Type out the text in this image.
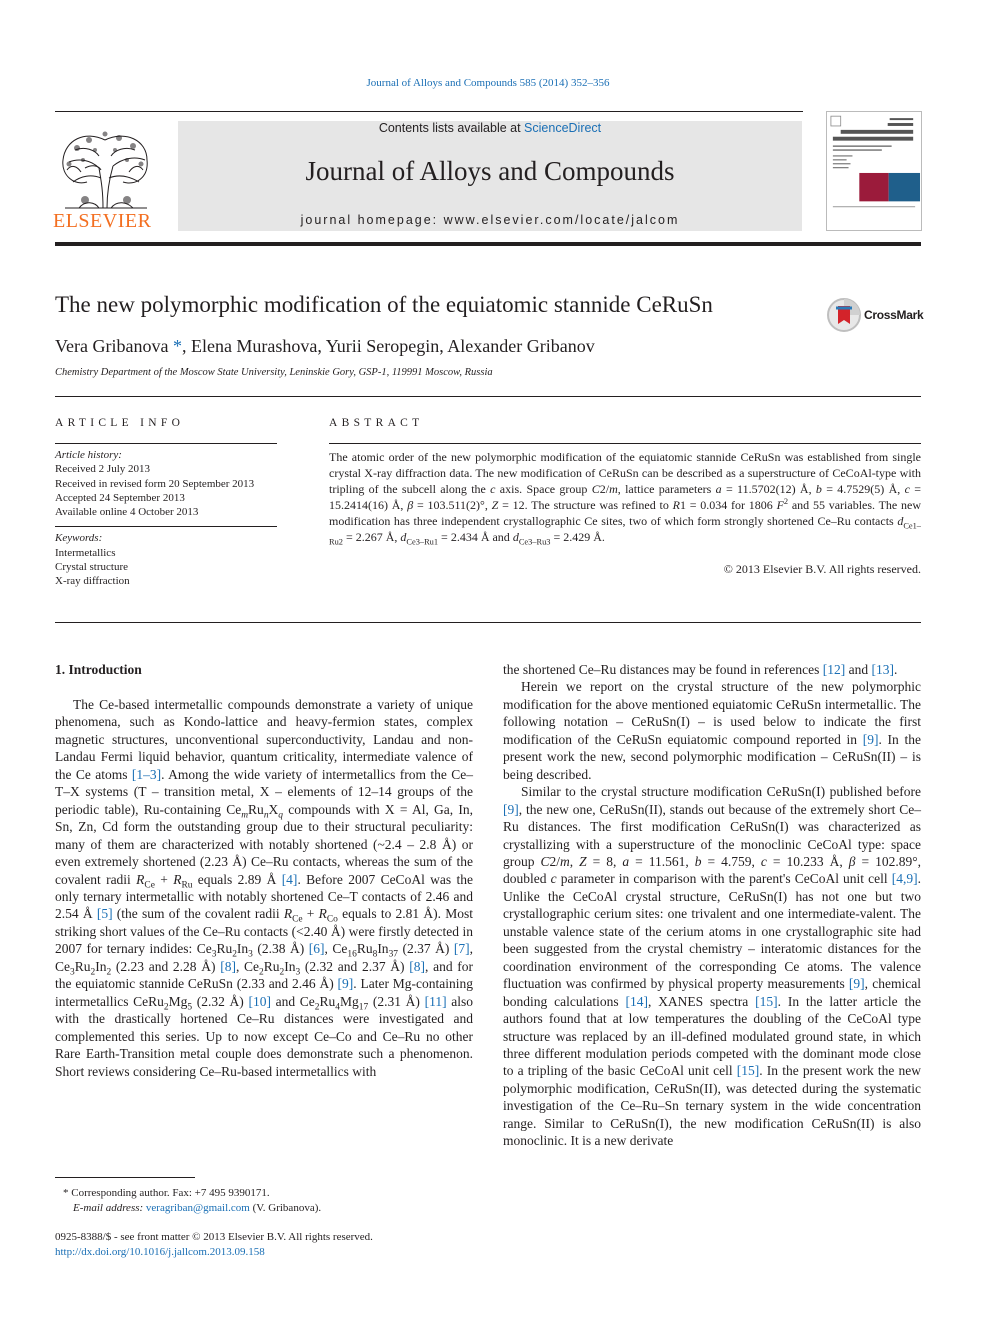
Journal of Alloys and Compounds 585 (2014) 352–356
ELSEVIER
Contents lists available at ScienceDirect
Journal of Alloys and Compounds
journal homepage: www.elsevier.com/locate/jalcom
The new polymorphic modification of the equiatomic stannide CeRuSn	CrossMark
Vera Gribanova *, Elena Murashova, Yurii Seropegin, Alexander Gribanov
Chemistry Department of the Moscow State University, Leninskie Gory, GSP-1, 119991 Moscow, Russia
ARTICLE INFO	ABSTRACT
Article history:
Received 2 July 2013
Received in revised form 20 September 2013
Accepted 24 September 2013
Available online 4 October 2013
Keywords:
Intermetallics
Crystal structure
X-ray diffraction
The atomic order of the new polymorphic modification of the equiatomic stannide CeRuSn was established from single crystal X-ray diffraction data. The new modification of CeRuSn can be described as a superstructure of CeCoAl-type with tripling of the subcell along the c axis. Space group C2/m, lattice parameters a = 11.5702(12) Å, b = 4.7529(5) Å, c = 15.2414(16) Å, β = 103.511(2)°, Z = 12. The structure was refined to R1 = 0.034 for 1806 $F^2$ and 55 variables. The new modification has three independent crystallographic Ce sites, two of which form strongly shortened Ce–Ru contacts $d_{Ce1-Ru2} = 2.267$ Å, $d_{Ce3-Ru1} = 2.434$ Å and $d_{Ce3-Ru3} = 2.429$ Å.
© 2013 Elsevier B.V. All rights reserved.
1. Introduction

The Ce-based intermetallic compounds demonstrate a variety of unique phenomena, such as Kondo-lattice and heavy-fermion states, complex magnetic structures, unconventional superconductivity, Landau and non-Landau Fermi liquid behavior, quantum criticality, intermediate valence of the Ce atoms [1–3]. Among the wide variety of intermetallics from the Ce–T–X systems (T – transition metal, X – elements of 12–14 groups of the periodic table), Ru-containing $Ce_mRu_nX_q$ compounds with X = Al, Ga, In, Sn, Zn, Cd form the outstanding group due to their structural peculiarity: many of them are characterized with notably shortened (~2.4 – 2.8 Å) or even extremely shortened (2.23 Å) Ce–Ru contacts, whereas the sum of the covalent radii $R_{Ce} + R_{Ru}$ equals 2.89 Å [4]. Before 2007 CeCoAl was the only ternary intermetallic with notably shortened Ce–T contacts of 2.46 and 2.54 Å [5] (the sum of the covalent radii $R_{Ce} + R_{Co}$ equals to 2.81 Å). Most striking short values of the Ce–Ru contacts (<2.40 Å) were firstly detected in 2007 for ternary indides: $Ce_3Ru_2In_3$ (2.38 Å) [6], $Ce_{16}Ru_8In_{37}$ (2.37 Å) [7], $Ce_3Ru_2In_2$ (2.23 and 2.28 Å) [8], $Ce_2Ru_2In_3$ (2.32 and 2.37 Å) [8], and for the equiatomic stannide CeRuSn (2.33 and 2.46 Å) [9]. Later Mg-containing intermetallics $CeRu_2Mg_5$ (2.32 Å) [10] and $Ce_2Ru_4Mg_{17}$ (2.31 Å) [11] also with the drastically hortened Ce–Ru distances were investigated and complemented this series. Up to now except Ce–Co and Ce–Ru no other Rare Earth-Transition metal couple does demonstrate such a phenomenon. Short reviews considering Ce–Ru-based intermetallics with

the shortened Ce–Ru distances may be found in references [12] and [13].

Herein we report on the crystal structure of the new polymorphic modification for the above mentioned equiatomic CeRuSn intermetallic. The following notation – CeRuSn(I) – is used below to indicate the first modification of the CeRuSn equiatomic compound reported in [9]. In the present work the new, second polymorphic modification – CeRuSn(II) – is being described.

Similar to the crystal structure modification CeRuSn(I) published before [9], the new one, CeRuSn(II), stands out because of the extremely short Ce–Ru distances. The first modification CeRuSn(I) was characterized as crystallizing with a superstructure of the monoclinic CeCoAl type: space group C2/m, Z = 8, a = 11.561, b = 4.759, c = 10.233 Å, β = 102.89°, doubled c parameter in comparison with the parent's CeCoAl unit cell [4,9]. Unlike the CeCoAl crystal structure, CeRuSn(I) has not one but two crystallographic cerium sites: one trivalent and one intermediate-valent. The unstable valence state of the cerium atoms in one crystallographic site had been suggested from the crystal chemistry – interatomic distances for the coordination environment of the corresponding Ce atoms. The valence fluctuation was confirmed by physical property measurements [9], chemical bonding calculations [14], XANES spectra [15]. In the latter article the authors found that at low temperatures the doubling of the CeCoAl type structure was replaced by an ill-defined modulated ground state, in which three different modulation periods competed with the dominant mode close to a tripling of the basic CeCoAl unit cell [15]. In the present work the new polymorphic modification, CeRuSn(II), was detected during the systematic investigation of the Ce–Ru–Sn ternary system in the wide concentration range. Similar to CeRuSn(I), the new modification CeRuSn(II) is also monoclinic. It is a new derivate

* Corresponding author. Fax: +7 495 9390171.
E-mail address: veragriban@gmail.com (V. Gribanova).
0925-8388/$ - see front matter © 2013 Elsevier B.V. All rights reserved.
http://dx.doi.org/10.1016/j.jallcom.2013.09.158
